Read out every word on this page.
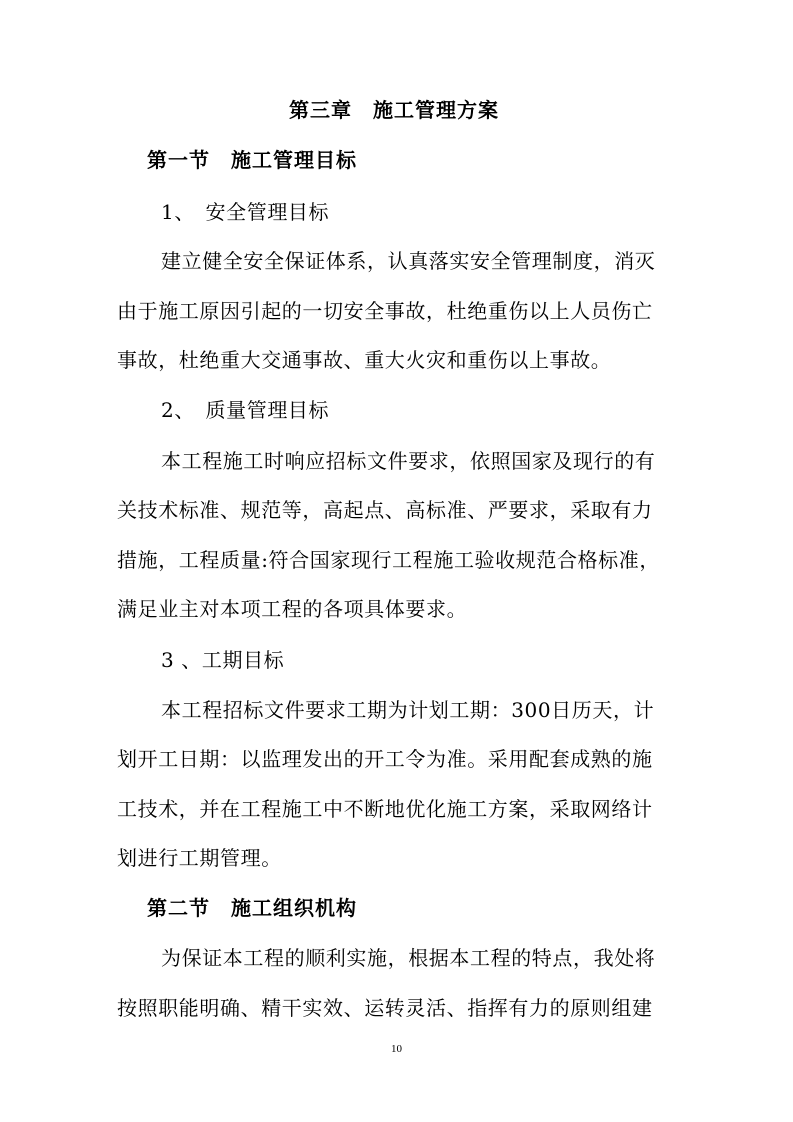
第三章　施工管理方案
第一节　施工管理目标
1、　安全管理目标
建立健全安全保证体系，认真落实安全管理制度，消灭
由于施工原因引起的一切安全事故，杜绝重伤以上人员伤亡
事故，杜绝重大交通事故、重大火灾和重伤以上事故。
2、　质量管理目标
本工程施工时响应招标文件要求，依照国家及现行的有
关技术标准、规范等，高起点、高标准、严要求，采取有力
措施，工程质量:符合国家现行工程施工验收规范合格标准，
满足业主对本项工程的各项具体要求。
3 、工期目标
本工程招标文件要求工期为计划工期：300日历天，计
划开工日期：以监理发出的开工令为准。采用配套成熟的施
工技术，并在工程施工中不断地优化施工方案，采取网络计
划进行工期管理。
第二节　施工组织机构
为保证本工程的顺利实施，根据本工程的特点，我处将
按照职能明确、精干实效、运转灵活、指挥有力的原则组建
10
